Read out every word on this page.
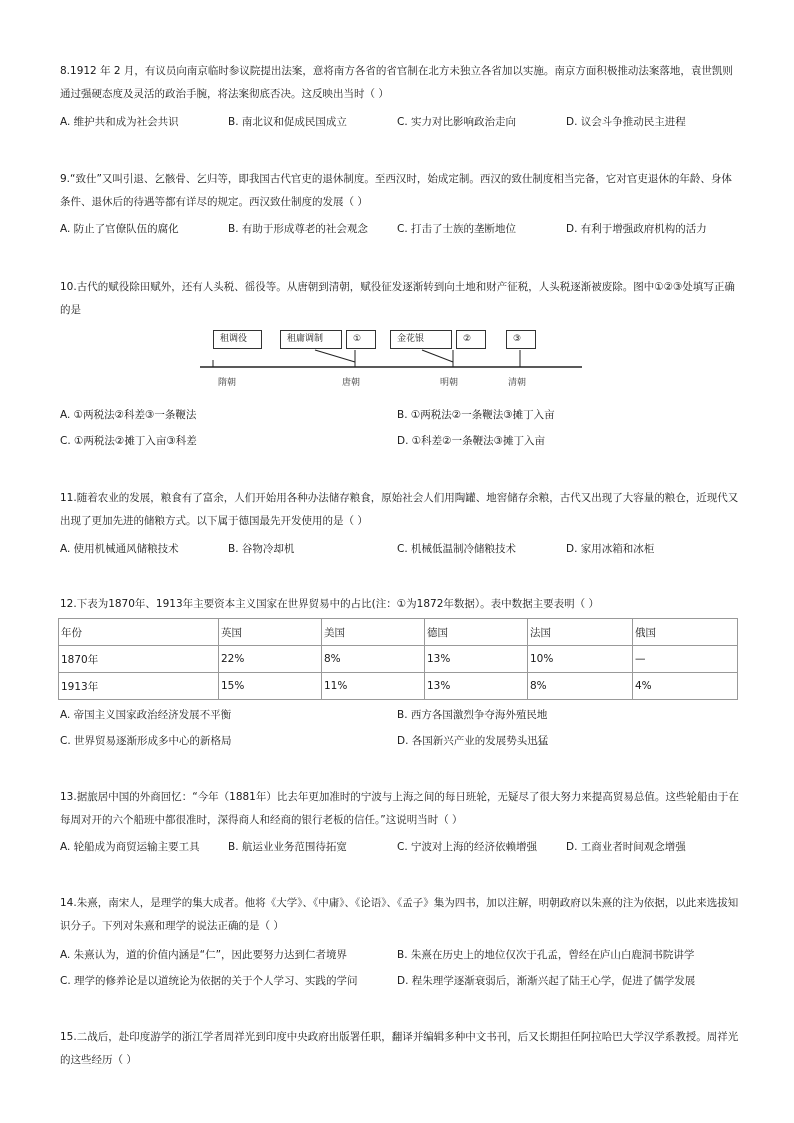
8.1912 年 2 月，有议员向南京临时参议院提出法案，意将南方各省的省官制在北方未独立各省加以实施。南京方面积极推动法案落地，袁世凯则通过强硬态度及灵活的政治手腕，将法案彻底否决。这反映出当时（ ）

A. 维护共和成为社会共识	B. 南北议和促成民国成立	C. 实力对比影响政治走向	D. 议会斗争推动民主进程

9.“致仕”又叫引退、乞骸骨、乞归等，即我国古代官吏的退休制度。至西汉时，始成定制。西汉的致仕制度相当完备，它对官吏退休的年龄、身体条件、退休后的待遇等都有详尽的规定。西汉致仕制度的发展（ ）

A. 防止了官僚队伍的腐化	B. 有助于形成尊老的社会观念	C. 打击了士族的垄断地位	D. 有利于增强政府机构的活力

10.古代的赋役除田赋外，还有人头税、徭役等。从唐朝到清朝，赋役征发逐渐转到向土地和财产征税，人头税逐渐被废除。图中①②③处填写正确的是

租调役	租庸调制	①	金花银	②	③
隋朝	唐朝	明朝	清朝
A. ①两税法②科差③一条鞭法	B. ①两税法②一条鞭法③摊丁入亩
C. ①两税法②摊丁入亩③科差	D. ①科差②一条鞭法③摊丁入亩

11.随着农业的发展，粮食有了富余，人们开始用各种办法储存粮食，原始社会人们用陶罐、地窖储存余粮，古代又出现了大容量的粮仓，近现代又出现了更加先进的储粮方式。以下属于德国最先开发使用的是（ ）

A. 使用机械通风储粮技术	B. 谷物冷却机	C. 机械低温制冷储粮技术	D. 家用冰箱和冰柜

12.下表为1870年、1913年主要资本主义国家在世界贸易中的占比(注：①为1872年数据）。表中数据主要表明（ ）

年份	英国	美国	德国	法国	俄国
1870年	22%	8%	13%	10%	—
1913年	15%	11%	13%	8%	4%
A. 帝国主义国家政治经济发展不平衡	B. 西方各国激烈争夺海外殖民地
C. 世界贸易逐渐形成多中心的新格局	D. 各国新兴产业的发展势头迅猛

13.据旅居中国的外商回忆：“今年（1881年）比去年更加准时的宁波与上海之间的每日班轮，无疑尽了很大努力来提高贸易总值。这些轮船由于在每周对开的六个船班中都很准时，深得商人和经商的银行老板的信任。”这说明当时（ ）

A. 轮船成为商贸运输主要工具	B. 航运业业务范围待拓宽	C. 宁波对上海的经济依赖增强	D. 工商业者时间观念增强

14.朱熹，南宋人，是理学的集大成者。他将《大学》、《中庸》、《论语》、《孟子》集为四书，加以注解，明朝政府以朱熹的注为依据，以此来选拔知识分子。下列对朱熹和理学的说法正确的是（ ）

A. 朱熹认为，道的价值内涵是“仁”，因此要努力达到仁者境界	B. 朱熹在历史上的地位仅次于孔孟，曾经在庐山白鹿洞书院讲学
C. 理学的修养论是以道统论为依据的关于个人学习、实践的学问	D. 程朱理学逐渐衰弱后，渐渐兴起了陆王心学，促进了儒学发展

15.二战后，赴印度游学的浙江学者周祥光到印度中央政府出版署任职，翻译并编辑多种中文书刊，后又长期担任阿拉哈巴大学汉学系教授。周祥光的这些经历（ ）
